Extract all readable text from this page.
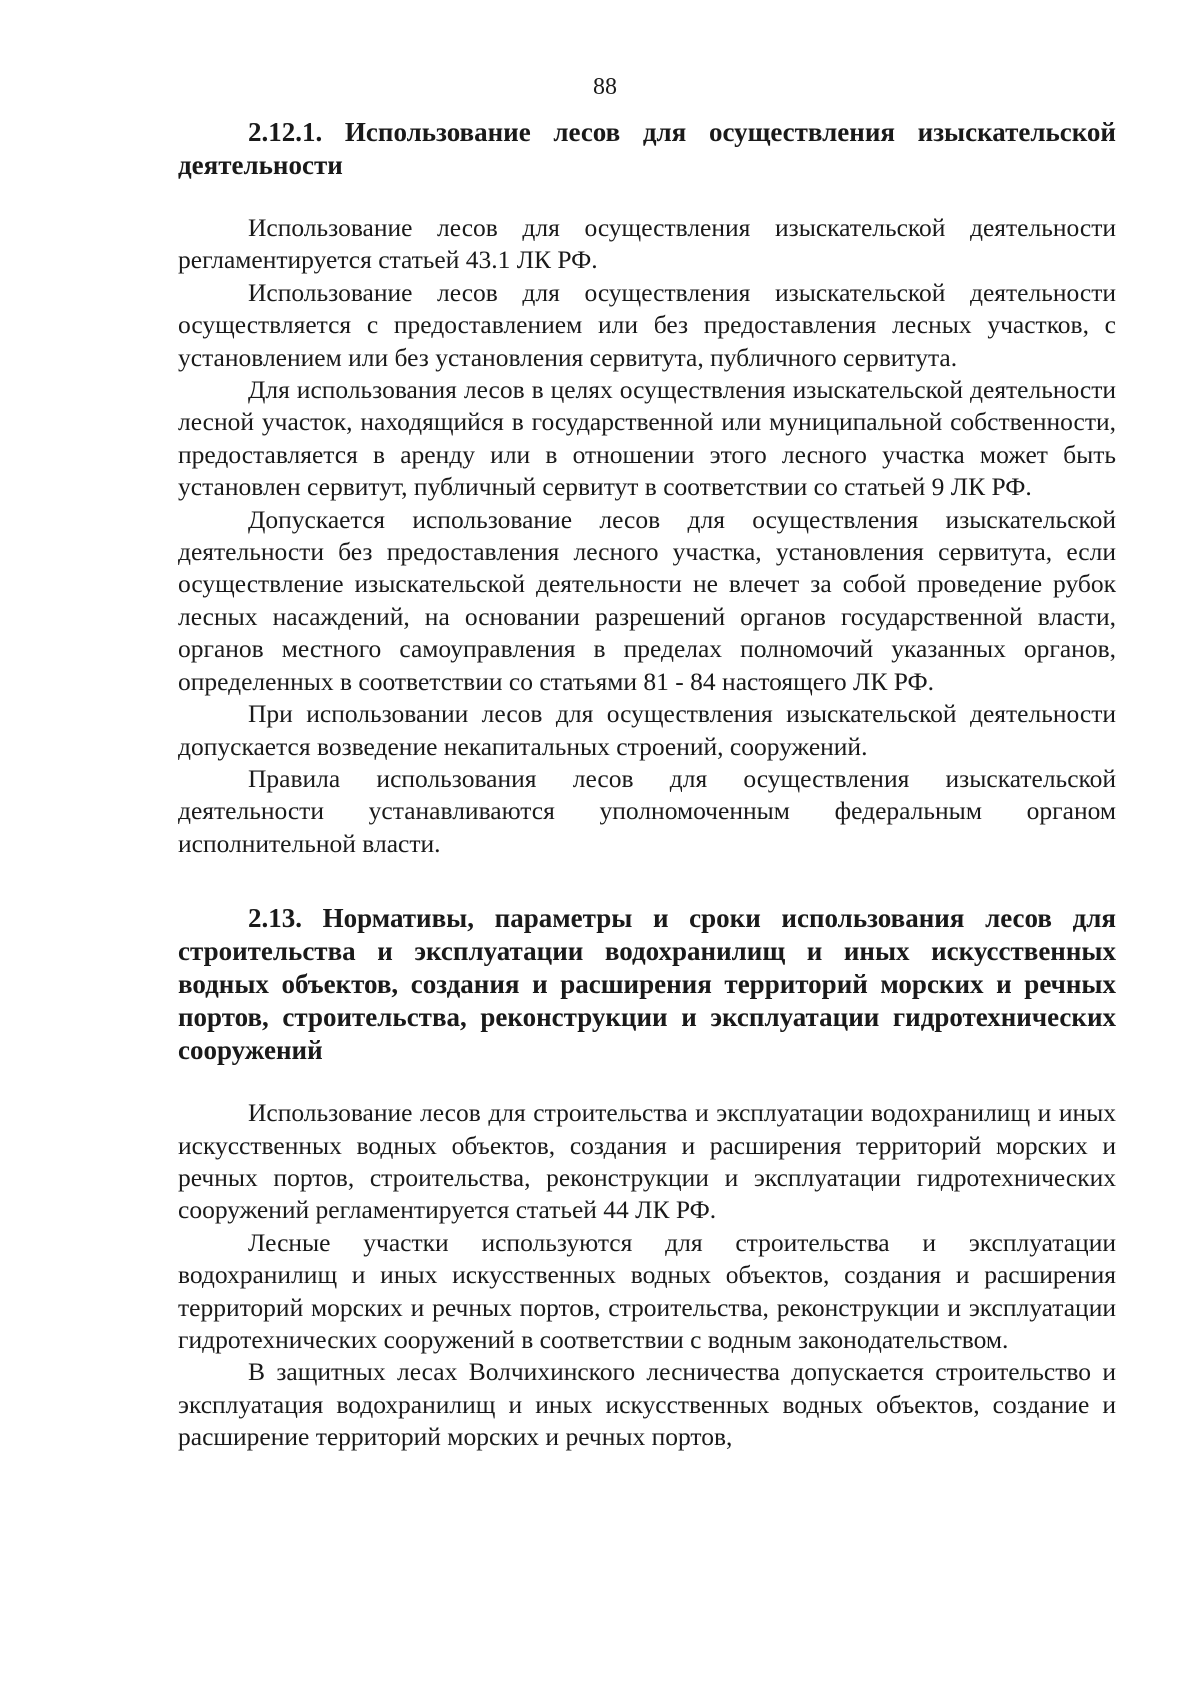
88
2.12.1. Использование лесов для осуществления изыскательской деятельности

Использование лесов для осуществления изыскательской деятельности регламентируется статьей 43.1 ЛК РФ.

Использование лесов для осуществления изыскательской деятельности осуществляется с предоставлением или без предоставления лесных участков, с установлением или без установления сервитута, публичного сервитута.

Для использования лесов в целях осуществления изыскательской деятельности лесной участок, находящийся в государственной или муниципальной собственности, предоставляется в аренду или в отношении этого лесного участка может быть установлен сервитут, публичный сервитут в соответствии со статьей 9 ЛК РФ.

Допускается использование лесов для осуществления изыскательской деятельности без предоставления лесного участка, установления сервитута, если осуществление изыскательской деятельности не влечет за собой проведение рубок лесных насаждений, на основании разрешений органов государственной власти, органов местного самоуправления в пределах полномочий указанных органов, определенных в соответствии со статьями 81 - 84 настоящего ЛК РФ.

При использовании лесов для осуществления изыскательской деятельности допускается возведение некапитальных строений, сооружений.

Правила использования лесов для осуществления изыскательской деятельности устанавливаются уполномоченным федеральным органом исполнительной власти.

2.13. Нормативы, параметры и сроки использования лесов для строительства и эксплуатации водохранилищ и иных искусственных водных объектов, создания и расширения территорий морских и речных портов, строительства, реконструкции и эксплуатации гидротехнических сооружений

Использование лесов для строительства и эксплуатации водохранилищ и иных искусственных водных объектов, создания и расширения территорий морских и речных портов, строительства, реконструкции и эксплуатации гидротехнических сооружений регламентируется статьей 44 ЛК РФ.

Лесные участки используются для строительства и эксплуатации водохранилищ и иных искусственных водных объектов, создания и расширения территорий морских и речных портов, строительства, реконструкции и эксплуатации гидротехнических сооружений в соответствии с водным законодательством.

В защитных лесах Волчихинского лесничества допускается строительство и эксплуатация водохранилищ и иных искусственных водных объектов, создание и расширение территорий морских и речных портов,
